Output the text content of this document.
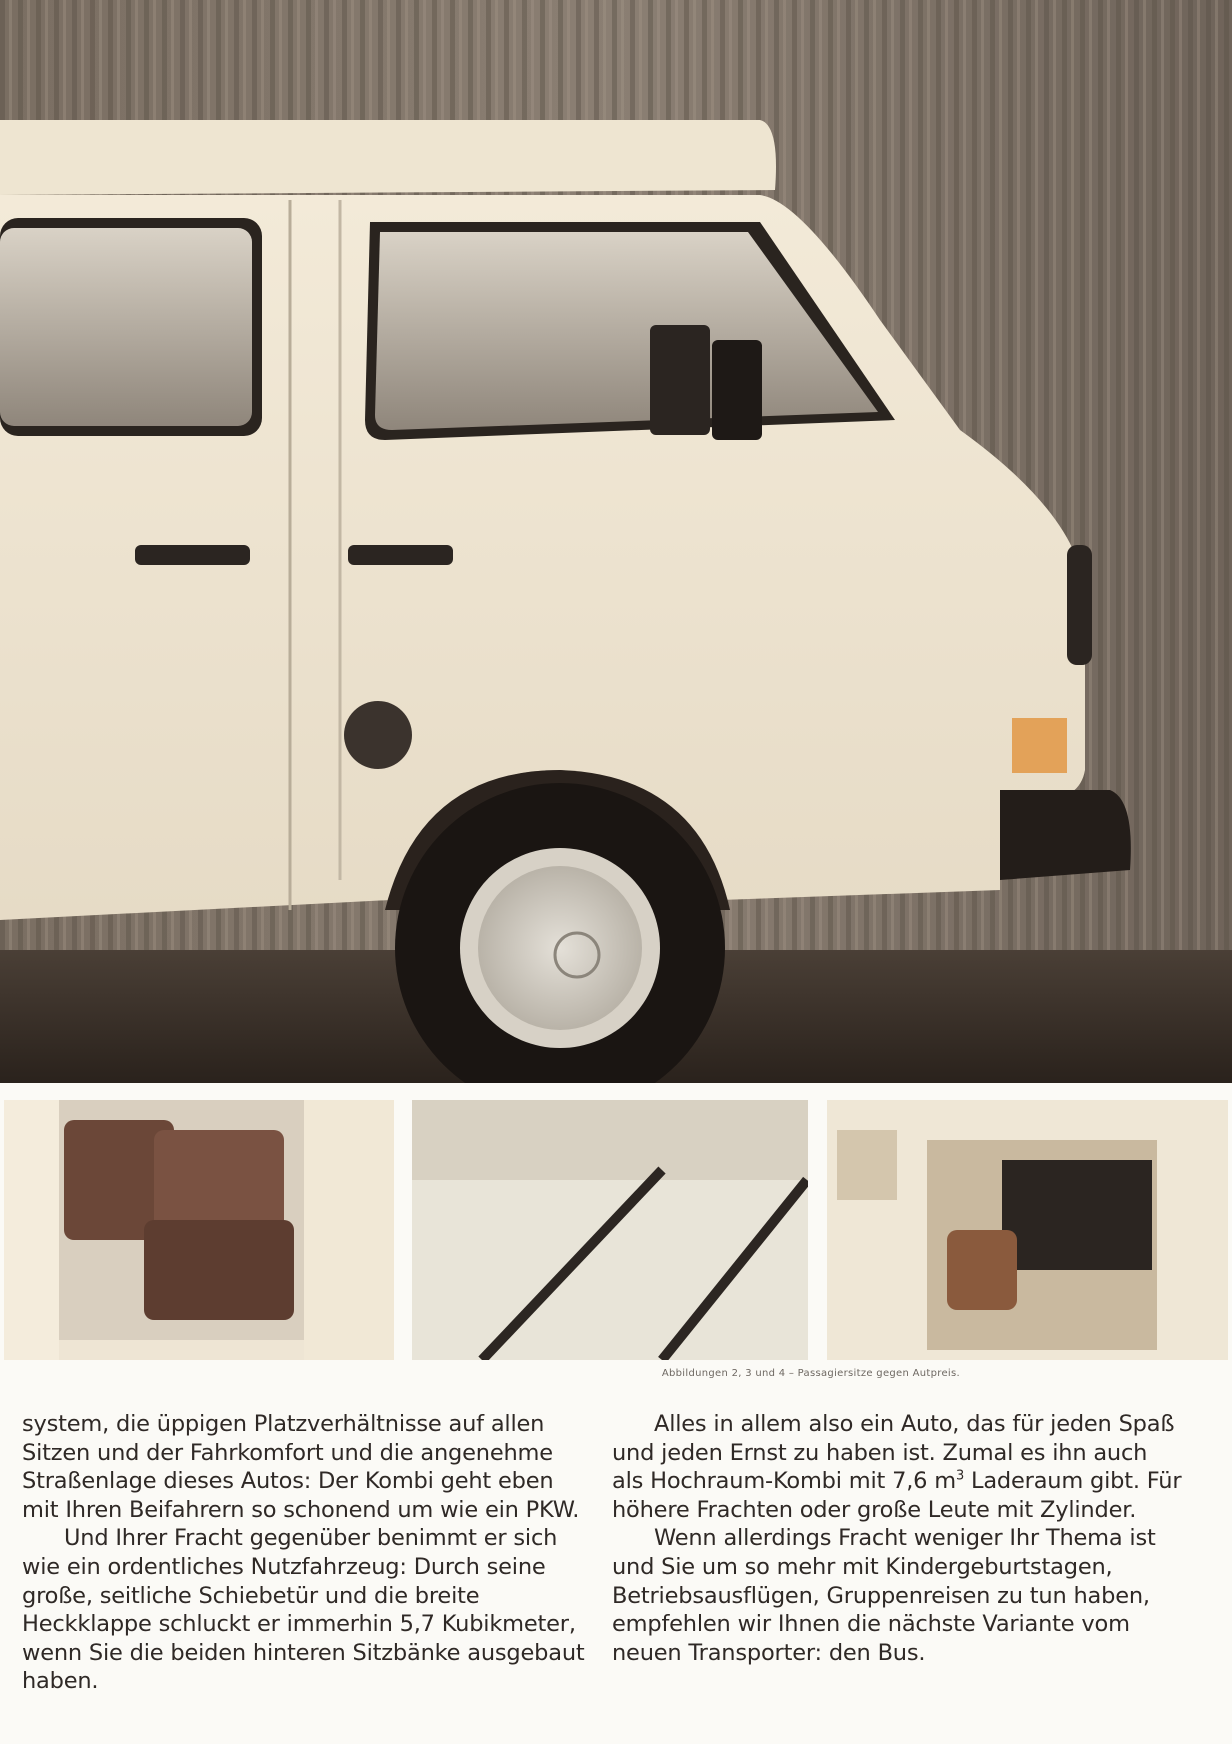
Abbildungen 2, 3 und 4 – Passagiersitze gegen Autpreis.

system, die üppigen Platzverhältnisse auf allen Sitzen und der Fahrkomfort und die angenehme Straßenlage dieses Autos: Der Kombi geht eben mit Ihren Beifahrern so schonend um wie ein PKW.

Und Ihrer Fracht gegenüber benimmt er sich wie ein ordentliches Nutzfahrzeug: Durch seine große, seitliche Schiebetür und die breite Heckklappe schluckt er immerhin 5,7 Kubikmeter, wenn Sie die beiden hinteren Sitzbänke ausgebaut haben.

Alles in allem also ein Auto, das für jeden Spaß und jeden Ernst zu haben ist. Zumal es ihn auch als Hochraum-Kombi mit 7,6 $m^3$ Laderaum gibt. Für höhere Frachten oder große Leute mit Zylinder.

Wenn allerdings Fracht weniger Ihr Thema ist und Sie um so mehr mit Kindergeburtstagen, Betriebsausflügen, Gruppenreisen zu tun haben, empfehlen wir Ihnen die nächste Variante vom neuen Transporter: den Bus.
